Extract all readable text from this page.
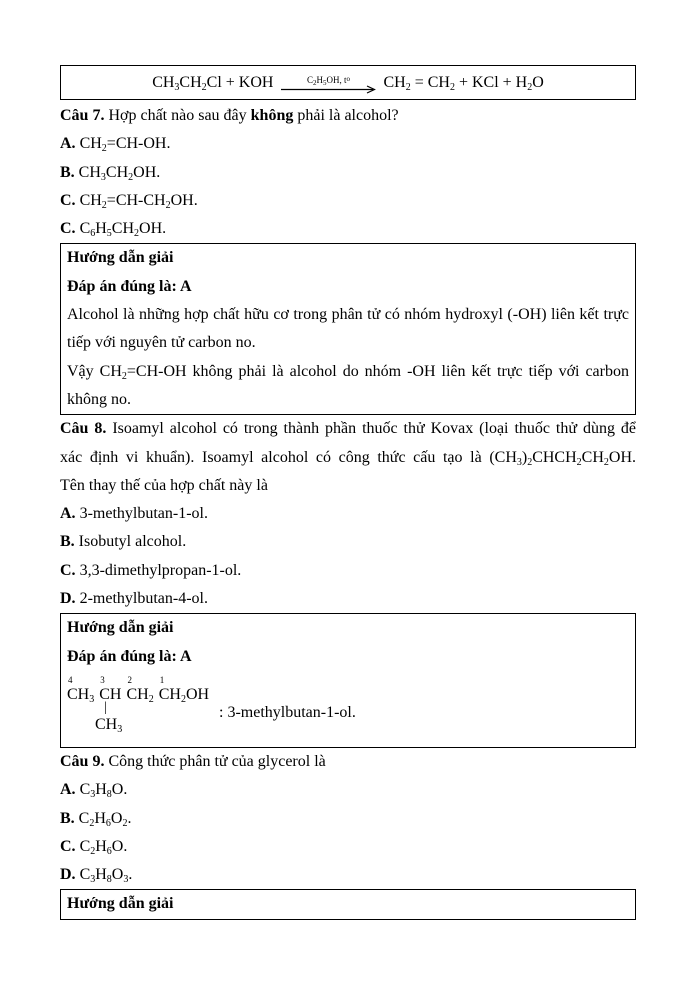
$CH_3CH_2Cl$ + KOH	$C_2H_5OH$, $t^o$ $CH_2 = CH_2$ + KCl + $H_2O$
Câu 7. Hợp chất nào sau đây không phải là alcohol?
A. $CH_2=CH-OH$.
B. $CH_3CH_2OH$.
C. $CH_2=CH-CH_2OH$.
C. $C_6H_5CH_2OH$.
Hướng dẫn giải
Đáp án đúng là: A
Alcohol là những hợp chất hữu cơ trong phân tử có nhóm hydroxyl (-OH) liên kết trực
tiếp với nguyên tử carbon no.
Vậy $CH_2=CH-OH$ không phải là alcohol do nhóm -OH liên kết trực tiếp với carbon
không no.
Câu 8. Isoamyl alcohol có trong thành phần thuốc thử Kovax (loại thuốc thử dùng để
xác định vi khuẩn). Isoamyl alcohol có công thức cấu tạo là $(CH_3)_2CHCH_2CH_2OH$.
Tên thay thế của hợp chất này là
A. 3-methylbutan-1-ol.
B. Isobutyl alcohol.
C. 3,3-dimethylpropan-1-ol.
D. 2-methylbutan-4-ol.
Hướng dẫn giải
Đáp án đúng là: A
4
$CH_3$
3
CH
2
$CH_2$
1
$CH_2OH$
|
$CH_3$
: 3-methylbutan-1-ol.
Câu 9. Công thức phân tử của glycerol là
A. $C_3H_8O$.
B. $C_2H_6O_2$.
C. $C_2H_6O$.
D. $C_3H_8O_3$.
Hướng dẫn giải
